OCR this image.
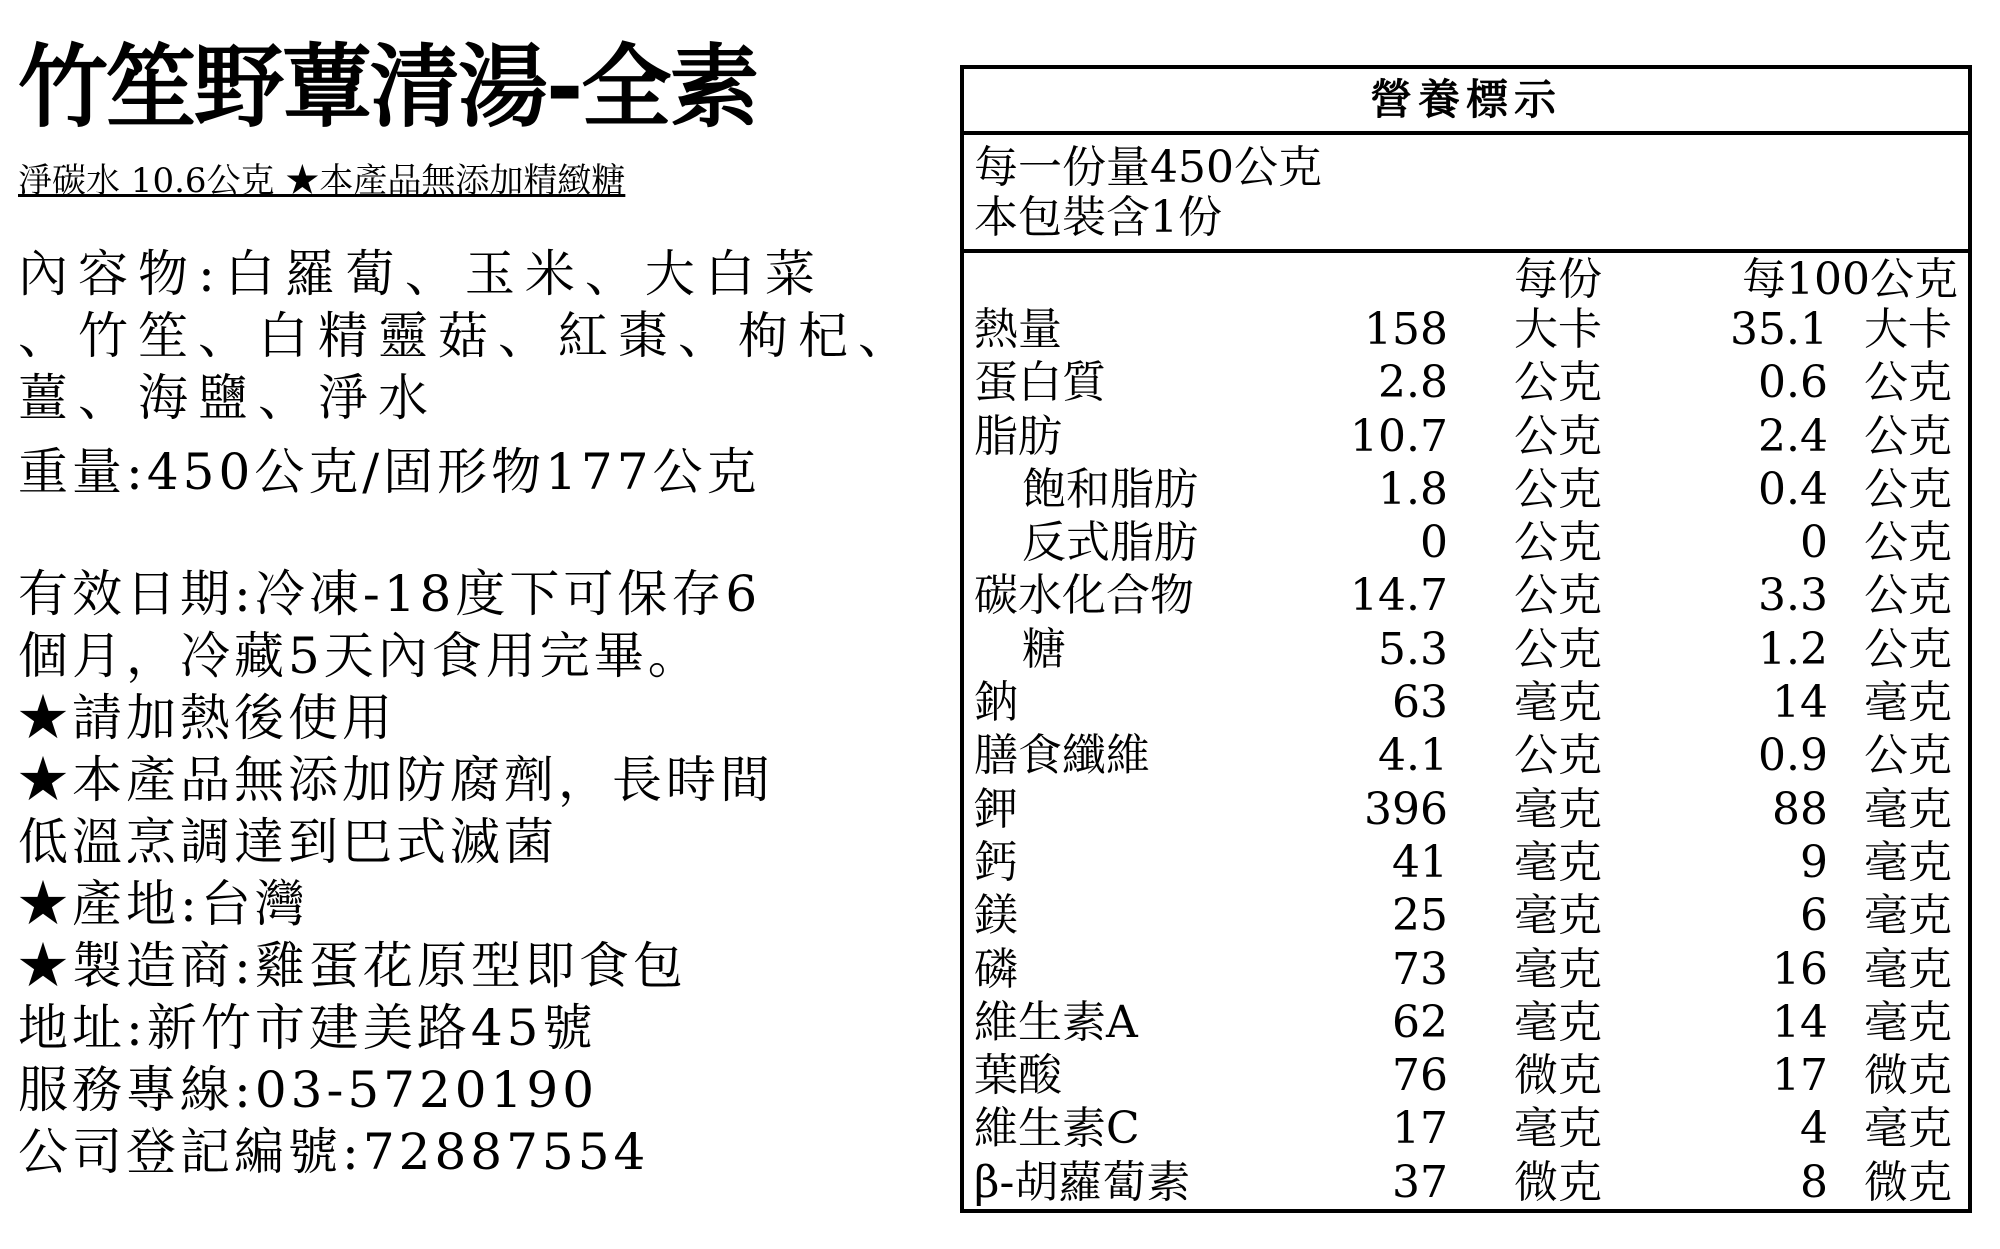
竹笙野蕈清湯-全素

淨碳水 10.6公克 ★本產品無添加精緻糖

內容物:白羅蔔、玉米、大白菜
、竹笙、白精靈菇、紅棗、枸杞、
薑、海鹽、淨水
重量:450公克/固形物177公克
有效日期:冷凍-18度下可保存6
個月，冷藏5天內食用完畢。
★請加熱後使用
★本產品無添加防腐劑，長時間
低溫烹調達到巴式滅菌
★產地:台灣
★製造商:雞蛋花原型即食包
地址:新竹市建美路45號
服務專線:03-5720190
公司登記編號:72887554
營養標示
每一份量450公克
本包裝含1份
每份	每100公克
熱量	158 大卡	35.1 大卡
蛋白質	2.8 公克	0.6 公克
脂肪	10.7 公克	2.4 公克
飽和脂肪	1.8 公克	0.4 公克
反式脂肪	0 公克	0 公克
碳水化合物	14.7 公克	3.3 公克
糖	5.3 公克	1.2 公克
鈉	63 毫克	14 毫克
膳食纖維	4.1 公克	0.9 公克
鉀	396 毫克	88 毫克
鈣	41 毫克	9 毫克
鎂	25 毫克	6 毫克
磷	73 毫克	16 毫克
維生素A	62 毫克	14 毫克
葉酸	76 微克	17 微克
維生素C	17 毫克	4 毫克
β-胡蘿蔔素	37 微克	8 微克
